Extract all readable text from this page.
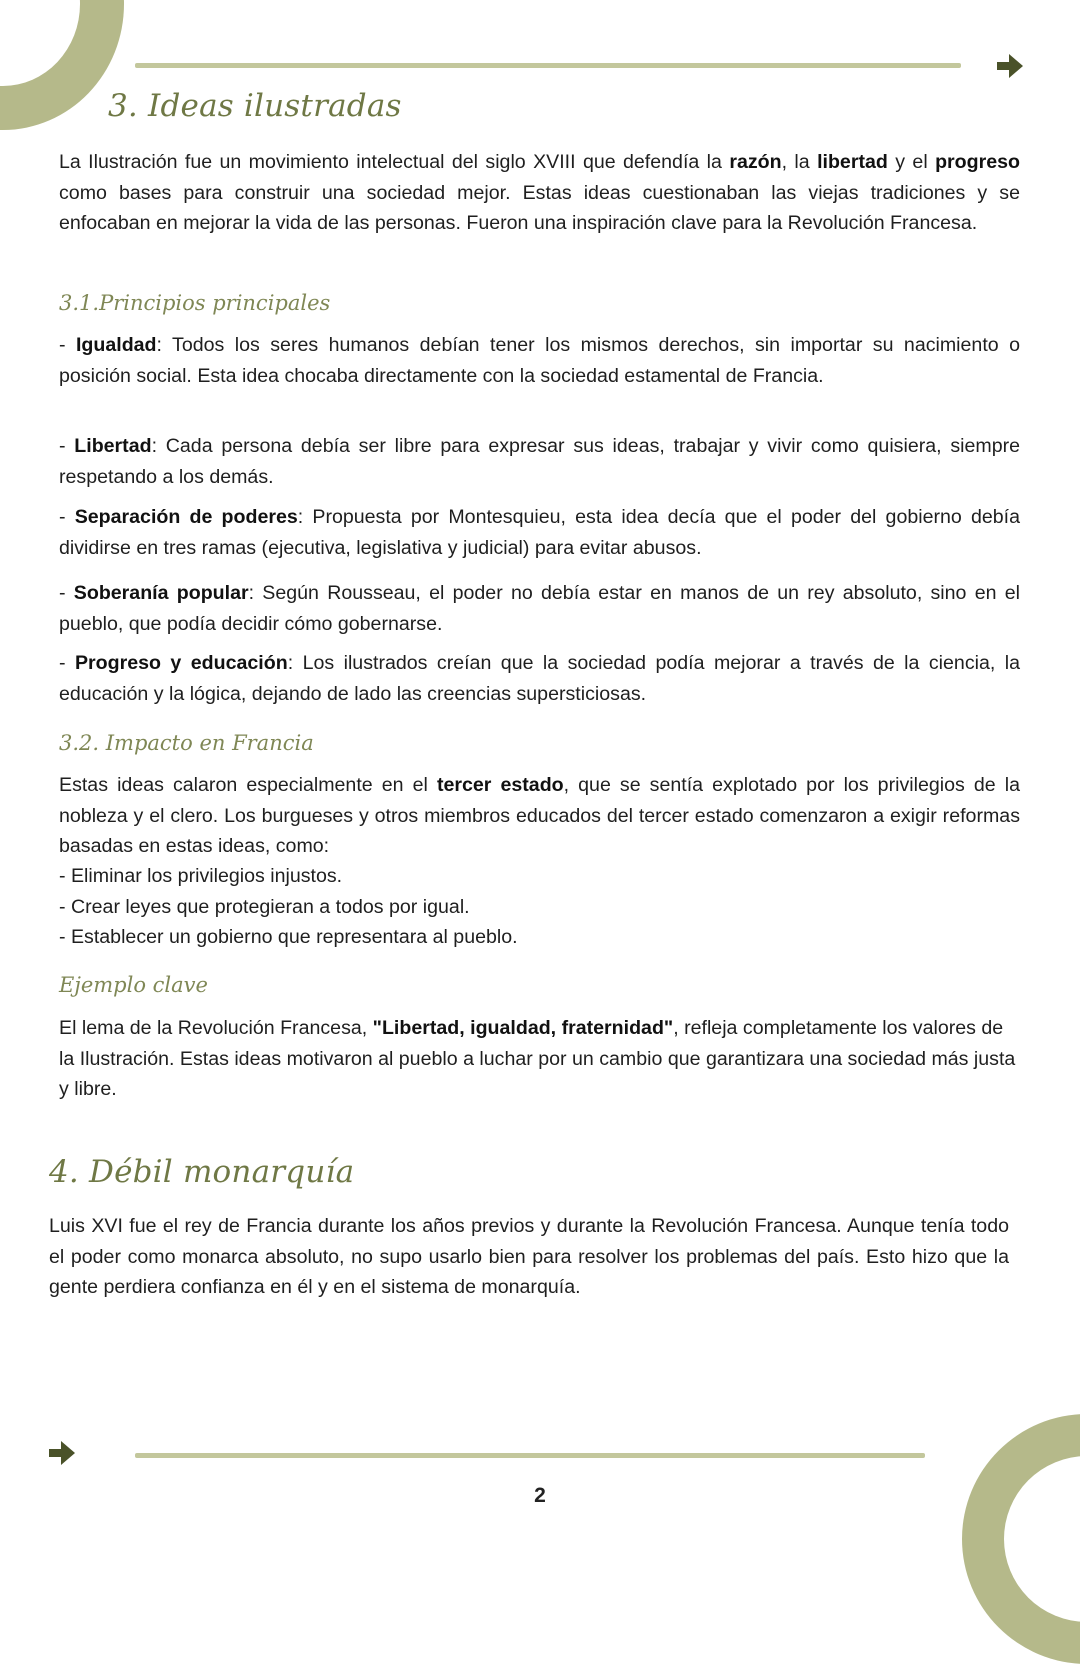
3. Ideas ilustradas

La Ilustración fue un movimiento intelectual del siglo XVIII que defendía la razón, la libertad y el progreso como bases para construir una sociedad mejor. Estas ideas cuestionaban las viejas tradiciones y se enfocaban en mejorar la vida de las personas. Fueron una inspiración clave para la Revolución Francesa.

3.1.Principios principales

- Igualdad: Todos los seres humanos debían tener los mismos derechos, sin importar su nacimiento o posición social. Esta idea chocaba directamente con la sociedad estamental de Francia.

- Libertad: Cada persona debía ser libre para expresar sus ideas, trabajar y vivir como quisiera, siempre respetando a los demás.

- Separación de poderes: Propuesta por Montesquieu, esta idea decía que el poder del gobierno debía dividirse en tres ramas (ejecutiva, legislativa y judicial) para evitar abusos.

- Soberanía popular: Según Rousseau, el poder no debía estar en manos de un rey absoluto, sino en el pueblo, que podía decidir cómo gobernarse.

- Progreso y educación: Los ilustrados creían que la sociedad podía mejorar a través de la ciencia, la educación y la lógica, dejando de lado las creencias supersticiosas.

3.2. Impacto en Francia

Estas ideas calaron especialmente en el tercer estado, que se sentía explotado por los privilegios de la nobleza y el clero. Los burgueses y otros miembros educados del tercer estado comenzaron a exigir reformas basadas en estas ideas, como:

- Eliminar los privilegios injustos.
- Crear leyes que protegieran a todos por igual.
- Establecer un gobierno que representara al pueblo.
Ejemplo clave

El lema de la Revolución Francesa, "Libertad, igualdad, fraternidad", refleja completamente los valores de la Ilustración. Estas ideas motivaron al pueblo a luchar por un cambio que garantizara una sociedad más justa y libre.

4. Débil monarquía

Luis XVI fue el rey de Francia durante los años previos y durante la Revolución Francesa. Aunque tenía todo el poder como monarca absoluto, no supo usarlo bien para resolver los problemas del país. Esto hizo que la gente perdiera confianza en él y en el sistema de monarquía.

2
